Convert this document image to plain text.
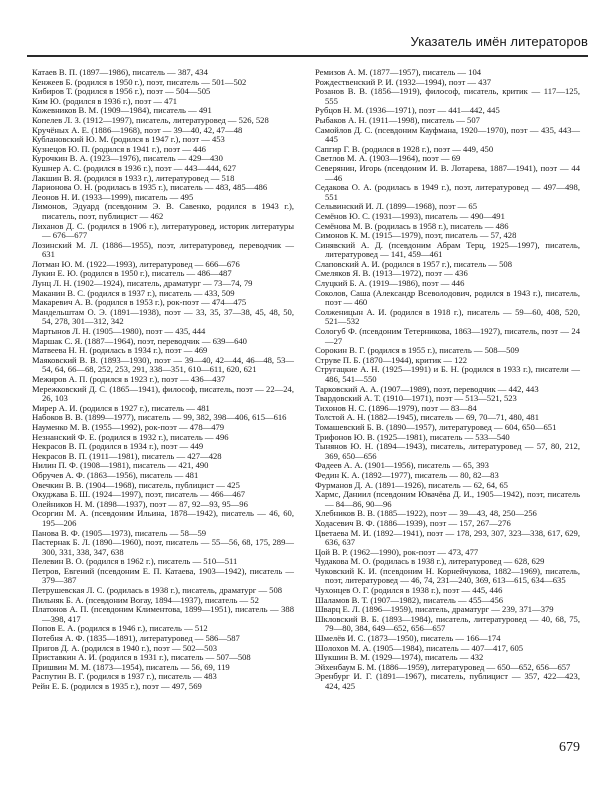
Указатель имён литераторов
Катаев В. П. (1897—1986), писатель — 387, 434
Кенжеев Б. (родился в 1950 г.), поэт, писатель — 501—502
Кибиров Т. (родился в 1956 г.), поэт — 504—505
Ким Ю. (родился в 1936 г.), поэт — 471
Кожевников В. М. (1909—1984), писатель — 491
Копелев Л. З. (1912—1997), писатель, литературовед — 526, 528
Кручёных А. Е. (1886—1968), поэт — 39—40, 42, 47—48
Кублановский Ю. М. (родился в 1947 г.), поэт — 453
Кузнецов Ю. П. (родился в 1941 г.), поэт — 446
Курочкин В. А. (1923—1976), писатель — 429—430
Кушнер А. С. (родился в 1936 г.), поэт — 443—444, 627
Лакшин В. Я. (родился в 1933 г.), литературовед — 518
Ларионова О. Н. (родилась в 1935 г.), писатель — 483, 485—486
Леонов Н. И. (1933—1999), писатель — 495
Лимонов, Эдуард (псевдоним Э. В. Савенко, родился в 1943 г.), писатель, поэт, публицист — 462
Лиханов Д. С. (родился в 1906 г.), литературовед, историк литературы — 676—677
Лозинский М. Л. (1886—1955), поэт, литературовед, переводчик — 631
Лотман Ю. М. (1922—1993), литературовед — 666—676
Лукин Е. Ю. (родился в 1950 г.), писатель — 486—487
Лунц Л. Н. (1902—1924), писатель, драматург — 73—74, 79
Маканин В. С. (родился в 1937 г.), писатель — 433, 509
Макаревич А. В. (родился в 1953 г.), рок-поэт — 474—475
Мандельштам О. Э. (1891—1938), поэт — 33, 35, 37—38, 45, 48, 50, 54, 278, 301—312, 342
Мартынов Л. Н. (1905—1980), поэт — 435, 444
Маршак С. Я. (1887—1964), поэт, переводчик — 639—640
Матвеева Н. Н. (родилась в 1934 г.), поэт — 469
Маяковский В. В. (1893—1930), поэт — 39—40, 42—44, 46—48, 53—54, 64, 66—68, 252, 253, 291, 338—351, 610—611, 620, 621
Межиров А. П. (родился в 1923 г.), поэт — 436—437
Мережковский Д. С. (1865—1941), философ, писатель, поэт — 22—24, 26, 103
Мирер А. И. (родился в 1927 г.), писатель — 481
Набоков В. В. (1899—1977), писатель — 99, 382, 398—406, 615—616
Науменко М. В. (1955—1992), рок-поэт — 478—479
Незнанский Ф. Е. (родился в 1932 г.), писатель — 496
Некрасов В. П. (родился в 1934 г.), поэт — 449
Некрасов В. П. (1911—1981), писатель — 427—428
Нилин П. Ф. (1908—1981), писатель — 421, 490
Обручев А. Ф. (1863—1956), писатель — 481
Овечкин В. В. (1904—1968), писатель, публицист — 425
Окуджава Б. Ш. (1924—1997), поэт, писатель — 466—467
Олейников Н. М. (1898—1937), поэт — 87, 92—93, 95—96
Осоргин М. А. (псевдоним Ильина, 1878—1942), писатель — 46, 60, 195—206
Панова В. Ф. (1905—1973), писатель — 58—59
Пастернак Б. Л. (1890—1960), поэт, писатель — 55—56, 68, 175, 289—300, 331, 338, 347, 638
Пелевин В. О. (родился в 1962 г.), писатель — 510—511
Петров, Евгений (псевдоним Е. П. Катаева, 1903—1942), писатель — 379—387
Петрушевская Л. С. (родилась в 1938 г.), писатель, драматург — 508
Пильняк Б. А. (псевдоним Вогау, 1894—1937), писатель — 52
Платонов А. П. (псевдоним Климентова, 1899—1951), писатель — 388—398, 417
Попов Е. А. (родился в 1946 г.), писатель — 512
Потебня А. Ф. (1835—1891), литературовед — 586—587
Пригов Д. А. (родился в 1940 г.), поэт — 502—503
Приставкин А. И. (родился в 1931 г.), писатель — 507—508
Пришвин М. М. (1873—1954), писатель — 56, 69, 119
Распутин В. Г. (родился в 1937 г.), писатель — 483
Рейн Е. Б. (родился в 1935 г.), поэт — 497, 569
Ремизов А. М. (1877—1957), писатель — 104
Рождественский Р. И. (1932—1994), поэт — 437
Розанов В. В. (1856—1919), философ, писатель, критик — 117—125, 555
Рубцов Н. М. (1936—1971), поэт — 441—442, 445
Рыбаков А. Н. (1911—1998), писатель — 507
Самойлов Д. С. (псевдоним Кауфмана, 1920—1970), поэт — 435, 443—445
Сапгир Г. В. (родился в 1928 г.), поэт — 449, 450
Светлов М. А. (1903—1964), поэт — 69
Северянин, Игорь (псевдоним И. В. Лотарева, 1887—1941), поэт — 44—46
Седакова О. А. (родилась в 1949 г.), поэт, литературовед — 497—498, 551
Сельвинский И. Л. (1899—1968), поэт — 65
Семёнов Ю. С. (1931—1993), писатель — 490—491
Семёнова М. В. (родилась в 1958 г.), писатель — 486
Симонов К. М. (1915—1979), поэт, писатель — 57, 428
Синявский А. Д. (псевдоним Абрам Терц, 1925—1997), писатель, литературовед — 141, 459—461
Слаповский А. И. (родился в 1957 г.), писатель — 508
Смеляков Я. В. (1913—1972), поэт — 436
Слуцкий Б. А. (1919—1986), поэт — 446
Соколов, Саша (Александр Всеволодович, родился в 1943 г.), писатель, поэт — 460
Солженицын А. И. (родился в 1918 г.), писатель — 59—60, 408, 520, 521—532
Сологуб Ф. (псевдоним Тетерникова, 1863—1927), писатель, поэт — 24—27
Сорокин В. Г. (родился в 1955 г.), писатель — 508—509
Струве П. Б. (1870—1944), критик — 122
Стругацкие А. Н. (1925—1991) и Б. Н. (родился в 1933 г.), писатели — 486, 541—550
Тарковский А. А. (1907—1989), поэт, переводчик — 442, 443
Твардовский А. Т. (1910—1971), поэт — 513—521, 523
Тихонов Н. С. (1896—1979), поэт — 83—84
Толстой А. Н. (1882—1945), писатель — 69, 70—71, 480, 481
Томашевский Б. В. (1890—1957), литературовед — 604, 650—651
Трифонов Ю. В. (1925—1981), писатель — 533—540
Тынянов Ю. Н. (1894—1943), писатель, литературовед — 57, 80, 212, 369, 650—656
Фадеев А. А. (1901—1956), писатель — 65, 393
Федин К. А. (1892—1977), писатель — 80, 82—83
Фурманов Д. А. (1891—1926), писатель — 62, 64, 65
Хармс, Даниил (псевдоним Ювачёва Д. И., 1905—1942), поэт, писатель — 84—86, 90—96
Хлебников В. В. (1885—1922), поэт — 39—43, 48, 250—256
Ходасевич В. Ф. (1886—1939), поэт — 157, 267—276
Цветаева М. И. (1892—1941), поэт — 178, 293, 307, 323—338, 617, 629, 636, 637
Цой В. Р. (1962—1990), рок-поэт — 473, 477
Чудакова М. О. (родилась в 1938 г.), литературовед — 628, 629
Чуковский К. И. (псевдоним Н. Корнейчукова, 1882—1969), писатель, поэт, литературовед — 46, 74, 231—240, 369, 613—615, 634—635
Чухонцев О. Г. (родился в 1938 г.), поэт — 445, 446
Шаламов В. Т. (1907—1982), писатель — 455—456
Шварц Е. Л. (1896—1959), писатель, драматург — 239, 371—379
Шкловский В. Б. (1893—1984), писатель, литературовед — 40, 68, 75, 79—80, 384, 649—652, 656—657
Шмелёв И. С. (1873—1950), писатель — 166—174
Шолохов М. А. (1905—1984), писатель — 407—417, 605
Шукшин В. М. (1929—1974), писатель — 432
Эйхенбаум Б. М. (1886—1959), литературовед — 650—652, 656—657
Эренбург И. Г. (1891—1967), писатель, публицист — 357, 422—423, 424, 425
679
